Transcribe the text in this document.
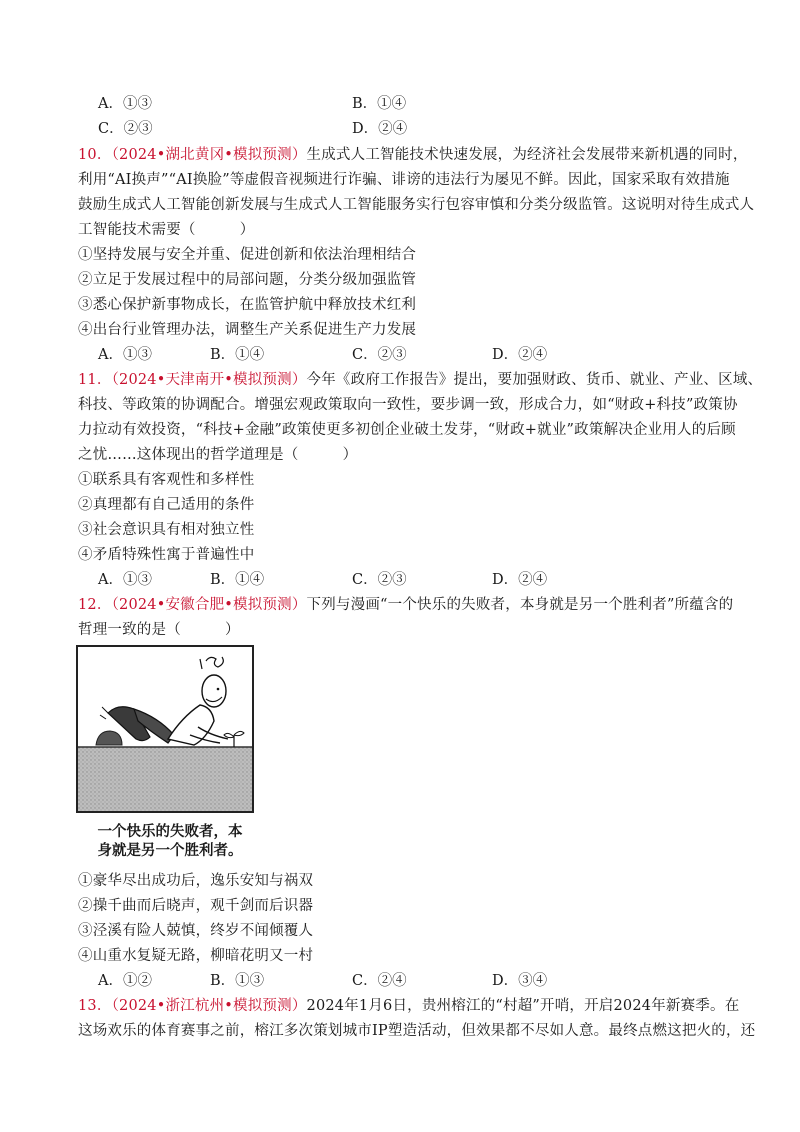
A．①③	B．①④
C．②③	D．②④
10．（2024•湖北黄冈•模拟预测）生成式人工智能技术快速发展，为经济社会发展带来新机遇的同时，
利用“AI换声”“AI换脸”等虚假音视频进行诈骗、诽谤的违法行为屡见不鲜。因此，国家采取有效措施
鼓励生成式人工智能创新发展与生成式人工智能服务实行包容审慎和分类分级监管。这说明对待生成式人
工智能技术需要（　　　）
①坚持发展与安全并重、促进创新和依法治理相结合
②立足于发展过程中的局部问题，分类分级加强监管
③悉心保护新事物成长，在监管护航中释放技术红利
④出台行业管理办法，调整生产关系促进生产力发展
A．①③	B．①④	C．②③	D．②④
11．（2024•天津南开•模拟预测）今年《政府工作报告》提出，要加强财政、货币、就业、产业、区域、
科技、等政策的协调配合。增强宏观政策取向一致性，要步调一致，形成合力，如“财政+科技”政策协
力拉动有效投资，“科技+金融”政策使更多初创企业破土发芽，“财政+就业”政策解决企业用人的后顾
之忧……这体现出的哲学道理是（　　　）
①联系具有客观性和多样性
②真理都有自己适用的条件
③社会意识具有相对独立性
④矛盾特殊性寓于普遍性中
A．①③	B．①④	C．②③	D．②④
12．（2024•安徽合肥•模拟预测）下列与漫画“一个快乐的失败者，本身就是另一个胜利者”所蕴含的
哲理一致的是（　　　）
一个快乐的失败者，本
身就是另一个胜利者。
①豪华尽出成功后，逸乐安知与祸双
②操千曲而后晓声，观千剑而后识器
③泾溪有险人兢慎，终岁不闻倾覆人
④山重水复疑无路，柳暗花明又一村
A．①②	B．①③	C．②④	D．③④
13．（2024•浙江杭州•模拟预测）2024年1月6日，贵州榕江的“村超”开哨，开启2024年新赛季。在
这场欢乐的体育赛事之前，榕江多次策划城市IP塑造活动，但效果都不尽如人意。最终点燃这把火的，还
